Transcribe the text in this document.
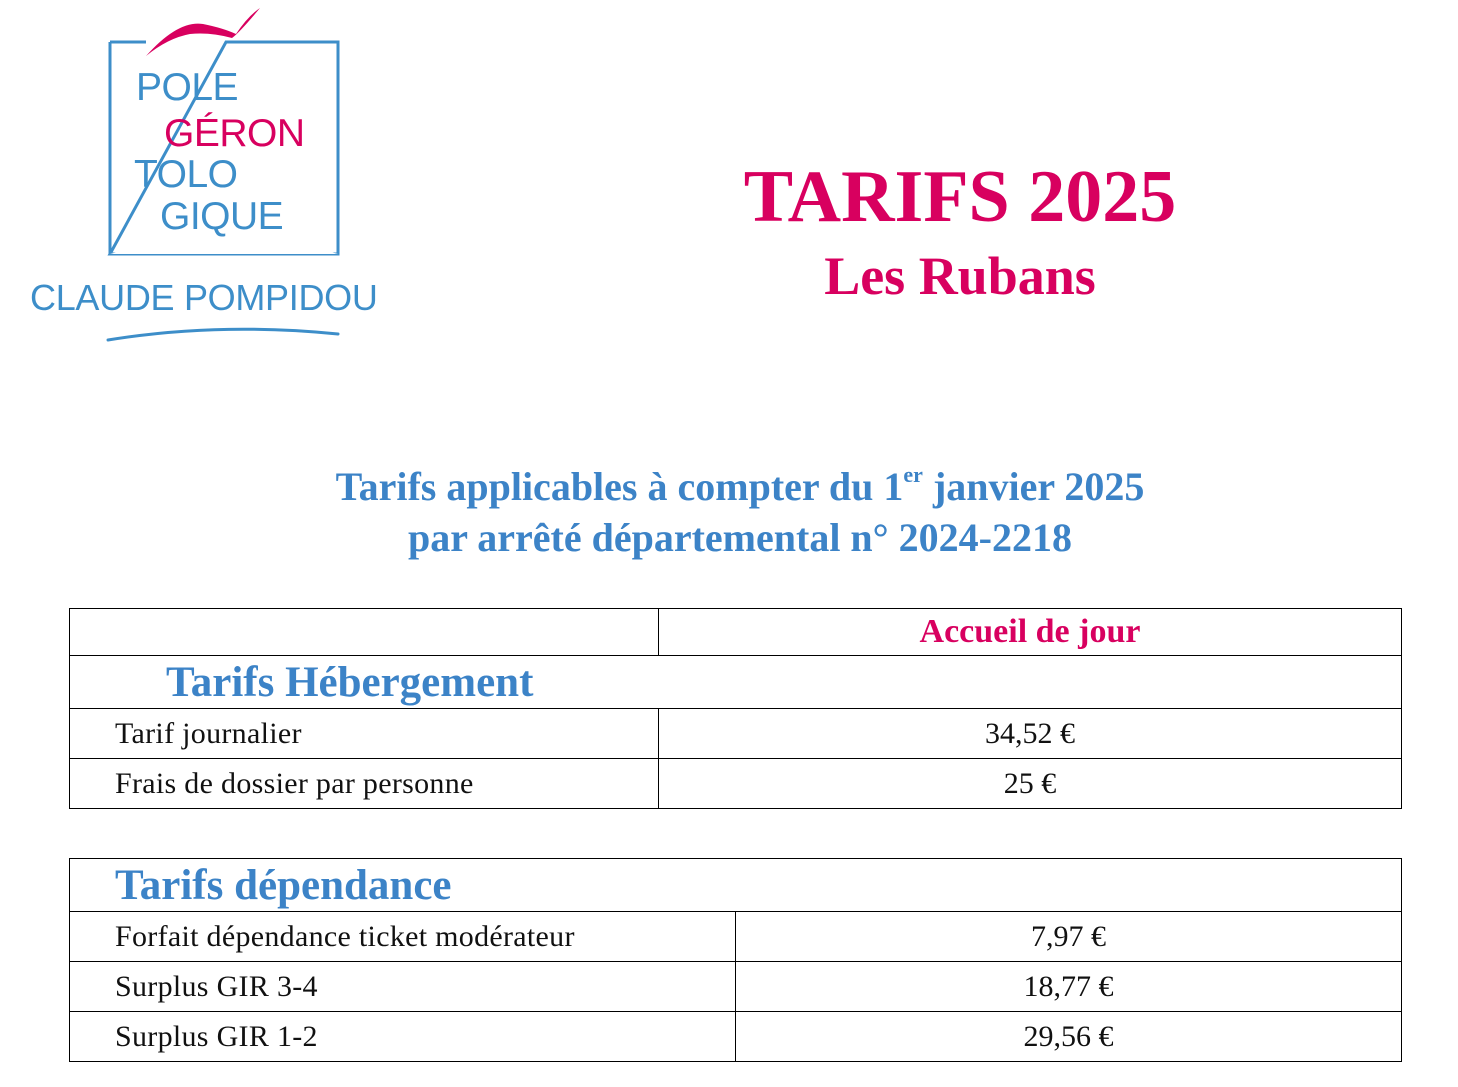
POLE
GÉRON
TOLO
GIQUE
CLAUDE POMPIDOU
TARIFS 2025
Les Rubans

Tarifs applicables à compter du 1er janvier 2025

par arrêté départemental n° 2024-2218

	Accueil de jour
Tarifs Hébergement	
Tarif journalier	34,52 €
Frais de dossier par personne	25 €
Tarifs dépendance	
Forfait dépendance ticket modérateur	7,97 €
Surplus GIR 3-4	18,77 €
Surplus GIR 1-2	29,56 €
